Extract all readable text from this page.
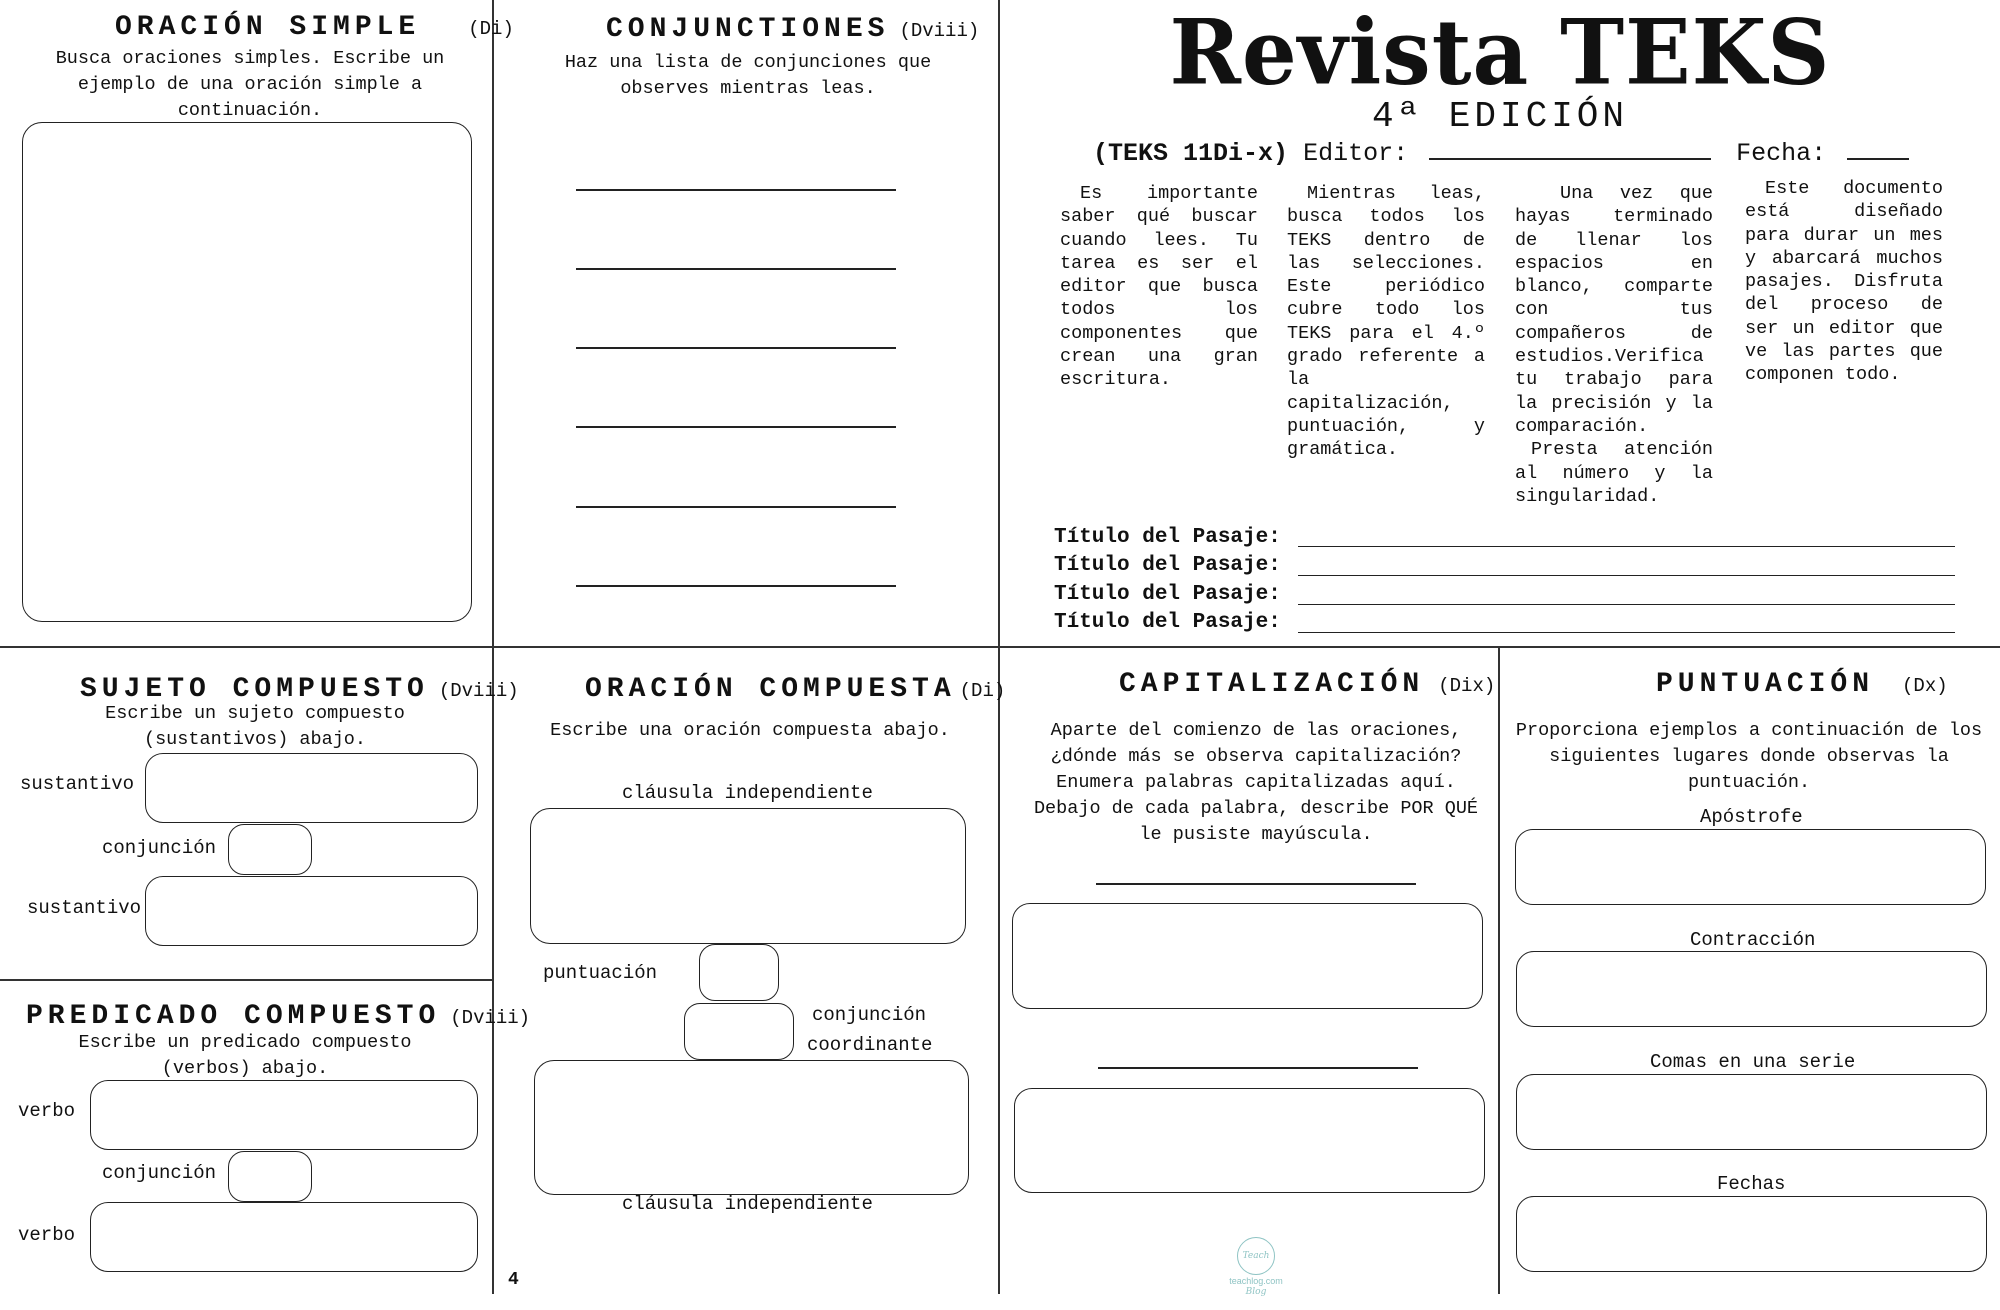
ORACIÓN SIMPLE	(Di)
Busca oraciones simples. Escribe un ejemplo de una oración simple a continuación.
CONJUNCTIONES (Dviii)
Haz una lista de conjunciones que observes mientras leas.	Revista TEKS
4ª EDICIÓN
(TEKS 11Di-x) Editor:	Fecha:

Es importante saber qué buscar cuando lees. Tu tarea es ser el editor que busca todos los componentes que crean una gran escritura.

Mientras leas, busca todos los TEKS dentro de las selecciones. Este periódico cubre todo los TEKS para el 4.º grado referente a la capitalización, puntuación, y gramática.

Una vez que hayas terminado de llenar los espacios en blanco, comparte con tus compañeros de estudios.Verifica tu trabajo para la precisión y la comparación.

Presta atención al número y la singularidad.

Este documento está diseñado para durar un mes y abarcará muchos pasajes. Disfruta del proceso de ser un editor que ve las partes que componen todo.

Título del Pasaje:
Título del Pasaje:
Título del Pasaje:
Título del Pasaje:
SUJETO COMPUESTO (Dviii)
Escribe un sujeto compuesto (sustantivos) abajo.
sustantivo
conjunción
sustantivo
PREDICADO COMPUESTO (Dviii)
Escribe un predicado compuesto (verbos) abajo.
verbo
conjunción
verbo
ORACIÓN COMPUESTA (Di)
Escribe una oración compuesta abajo.
cláusula independiente
puntuación
conjunción
coordinante
cláusula independiente
4
CAPITALIZACIÓN (Dix)
Aparte del comienzo de las oraciones, ¿dónde más se observa capitalización? Enumera palabras capitalizadas aquí. Debajo de cada palabra, describe POR QUÉ le pusiste mayúscula.
Teach Blog
teachlog.com
PUNTUACIÓN (Dx)
Proporciona ejemplos a continuación de los siguientes lugares donde observas la puntuación.
Apóstrofe
Contracción
Comas en una serie
Fechas
